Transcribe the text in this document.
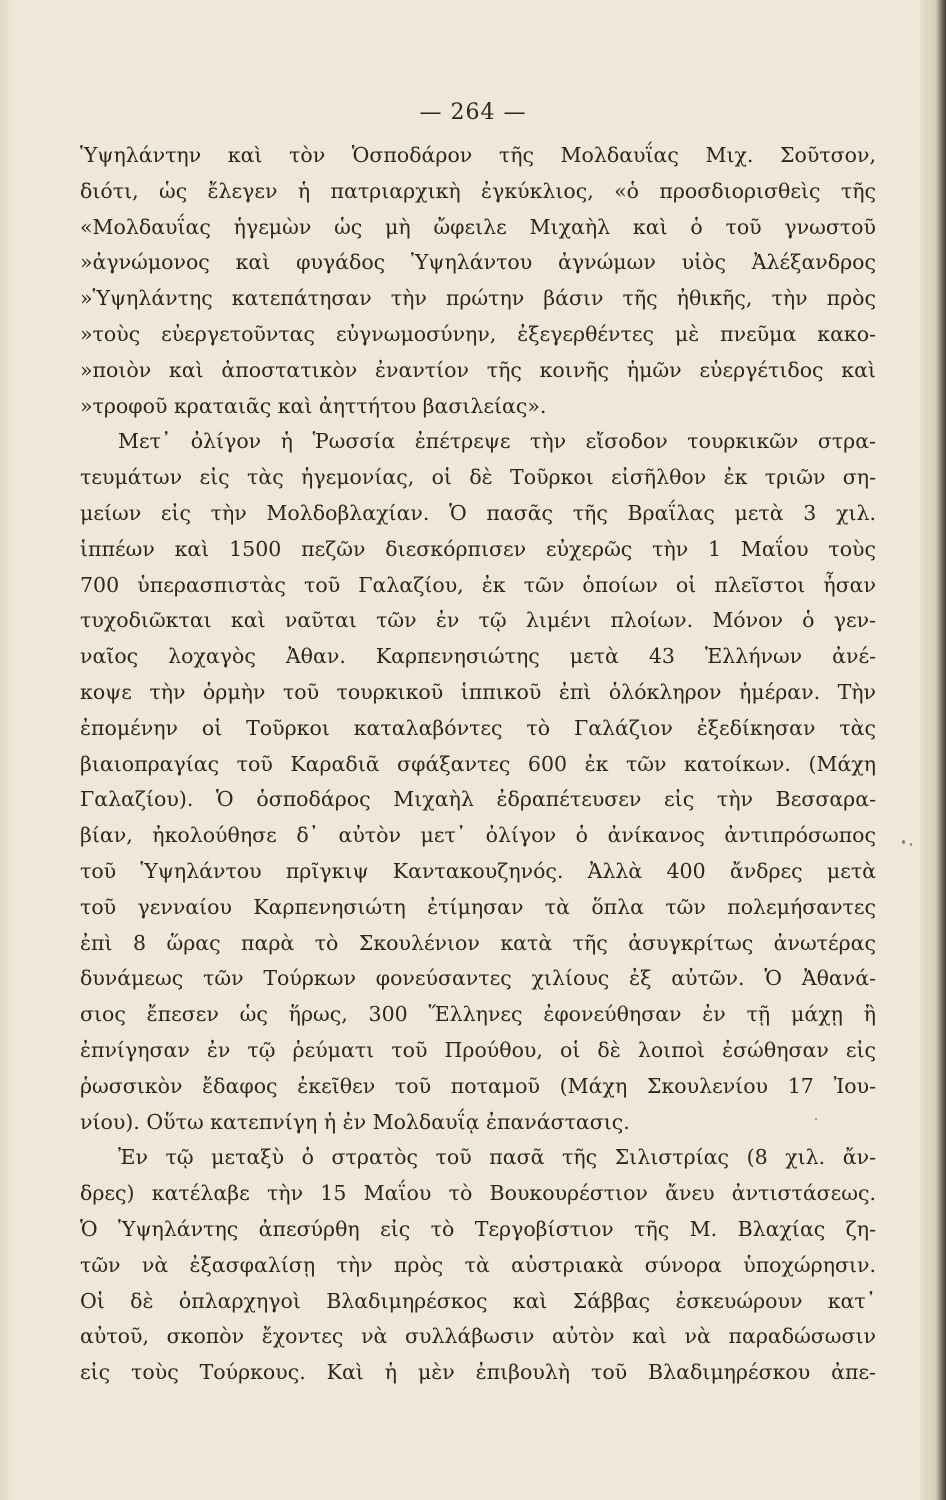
— 264 —
Ὑψηλάντην καὶ τὸν Ὁσποδάρον τῆς Μολδαυΐας Μιχ. Σοῦτσον,
διότι, ὡς ἔλεγεν ἡ πατριαρχικὴ ἐγκύκλιος, «ὁ προσδιορισθεὶς τῆς
«Μολδαυΐας ἡγεμὼν ὡς μὴ ὤφειλε Μιχαὴλ καὶ ὁ τοῦ γνωστοῦ
»ἀγνώμονος καὶ φυγάδος Ὑψηλάντου ἀγνώμων υἱὸς Ἀλέξανδρος
»Ὑψηλάντης κατεπάτησαν τὴν πρώτην βάσιν τῆς ἠθικῆς, τὴν πρὸς
»τοὺς εὐεργετοῦντας εὐγνωμοσύνην, ἐξεγερθέντες μὲ πνεῦμα κακο-
»ποιὸν καὶ ἀποστατικὸν ἐναντίον τῆς κοινῆς ἡμῶν εὐεργέτιδος καὶ
»τροφοῦ κραταιᾶς καὶ ἀηττήτου βασιλείας».
Μετ᾽ ὀλίγον ἡ Ῥωσσία ἐπέτρεψε τὴν εἴσοδον τουρκικῶν στρα-
τευμάτων εἰς τὰς ἡγεμονίας, οἱ δὲ Τοῦρκοι εἰσῆλθον ἐκ τριῶν ση-
μείων εἰς τὴν Μολδοβλαχίαν. Ὁ πασᾶς τῆς Βραΐλας μετὰ 3 χιλ.
ἱππέων καὶ 1500 πεζῶν διεσκόρπισεν εὐχερῶς τὴν 1 Μαΐου τοὺς
700 ὑπερασπιστὰς τοῦ Γαλαζίου, ἐκ τῶν ὁποίων οἱ πλεῖστοι ἦσαν
τυχοδιῶκται καὶ ναῦται τῶν ἐν τῷ λιμένι πλοίων. Μόνον ὁ γεν-
ναῖος λοχαγὸς Ἀθαν. Καρπενησιώτης μετὰ 43 Ἑλλήνων ἀνέ-
κοψε τὴν ὁρμὴν τοῦ τουρκικοῦ ἱππικοῦ ἐπὶ ὁλόκληρον ἡμέραν. Τὴν
ἐπομένην οἱ Τοῦρκοι καταλαβόντες τὸ Γαλάζιον ἐξεδίκησαν τὰς
βιαιοπραγίας τοῦ Καραδιᾶ σφάξαντες 600 ἐκ τῶν κατοίκων. (Μάχη
Γαλαζίου). Ὁ ὁσποδάρος Μιχαὴλ ἐδραπέτευσεν εἰς τὴν Βεσσαρα-
βίαν, ἠκολούθησε δ᾽ αὐτὸν μετ᾽ ὀλίγον ὁ ἀνίκανος ἀντιπρόσωπος
τοῦ Ὑψηλάντου πρῖγκιψ Καντακουζηνός. Ἀλλὰ 400 ἄνδρες μετὰ
τοῦ γενναίου Καρπενησιώτη ἐτίμησαν τὰ ὅπλα τῶν πολεμήσαντες
ἐπὶ 8 ὥρας παρὰ τὸ Σκουλένιον κατὰ τῆς ἀσυγκρίτως ἀνωτέρας
δυνάμεως τῶν Τούρκων φονεύσαντες χιλίους ἐξ αὐτῶν. Ὁ Ἀθανά-
σιος ἔπεσεν ὡς ἥρως, 300 Ἕλληνες ἐφονεύθησαν ἐν τῇ μάχῃ ἢ
ἐπνίγησαν ἐν τῷ ῥεύματι τοῦ Προύθου, οἱ δὲ λοιποὶ ἐσώθησαν εἰς
ῥωσσικὸν ἔδαφος ἐκεῖθεν τοῦ ποταμοῦ (Μάχη Σκουλενίου 17 Ἰου-
νίου). Οὕτω κατεπνίγη ἡ ἐν Μολδαυΐᾳ ἐπανάστασις.
Ἐν τῷ μεταξὺ ὁ στρατὸς τοῦ πασᾶ τῆς Σιλιστρίας (8 χιλ. ἄν-
δρες) κατέλαβε τὴν 15 Μαΐου τὸ Βουκουρέστιον ἄνευ ἀντιστάσεως.
Ὁ Ὑψηλάντης ἀπεσύρθη εἰς τὸ Τεργοβίστιον τῆς Μ. Βλαχίας ζη-
τῶν νὰ ἐξασφαλίσῃ τὴν πρὸς τὰ αὐστριακὰ σύνορα ὑποχώρησιν.
Οἱ δὲ ὁπλαρχηγοὶ Βλαδιμηρέσκος καὶ Σάββας ἐσκευώρουν κατ᾽
αὐτοῦ, σκοπὸν ἔχοντες νὰ συλλάβωσιν αὐτὸν καὶ νὰ παραδώσωσιν
εἰς τοὺς Τούρκους. Καὶ ἡ μὲν ἐπιβουλὴ τοῦ Βλαδιμηρέσκου ἀπε-
